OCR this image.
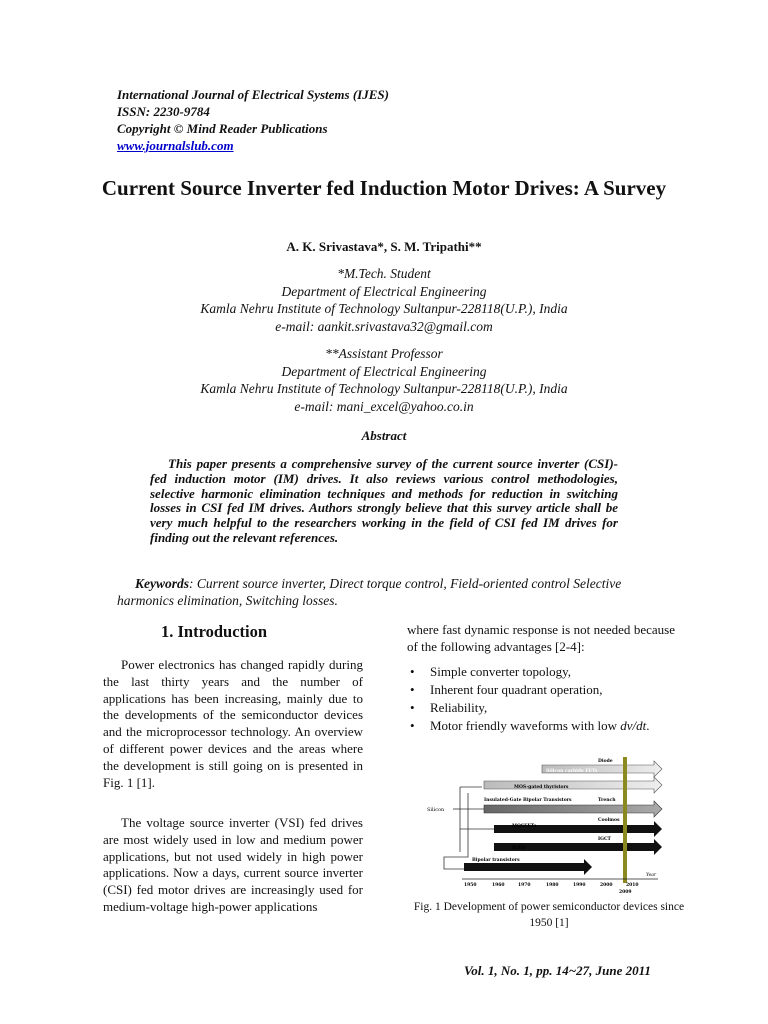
International Journal of Electrical Systems (IJES)
ISSN: 2230-9784
Copyright © Mind Reader Publications
www.journalslub.com
Current Source Inverter fed Induction Motor Drives: A Survey
A. K. Srivastava*, S. M. Tripathi**
*M.Tech. Student
Department of Electrical Engineering
Kamla Nehru Institute of Technology Sultanpur-228118(U.P.), India
e-mail: aankit.srivastava32@gmail.com
**Assistant Professor
Department of Electrical Engineering
Kamla Nehru Institute of Technology Sultanpur-228118(U.P.), India
e-mail: mani_excel@yahoo.co.in
Abstract
This paper presents a comprehensive survey of the current source inverter (CSI)-fed induction motor (IM) drives. It also reviews various control methodologies, selective harmonic elimination techniques and methods for reduction in switching losses in CSI fed IM drives. Authors strongly believe that this survey article shall be very much helpful to the researchers working in the field of CSI fed IM drives for finding out the relevant references.
Keywords: Current source inverter, Direct torque control, Field-oriented control Selective harmonics elimination, Switching losses.
1. Introduction
Power electronics has changed rapidly during the last thirty years and the number of applications has been increasing, mainly due to the developments of the semiconductor devices and the microprocessor technology. An overview of different power devices and the areas where the development is still going on is presented in Fig. 1 [1].
The voltage source inverter (VSI) fed drives are most widely used in low and medium power applications, but not used widely in high power applications. Now a days, current source inverter (CSI) fed motor drives are increasingly used for medium-voltage high-power applications
where fast dynamic response is not needed because of the following advantages [2-4]:
• Simple converter topology,
• Inherent four quadrant operation,
• Reliability,
• Motor friendly waveforms with low dv/dt.
Silicon
Silicon carbide FETs
MOS-gated thyristors
Insulated-Gate Bipolar Transistors
MOSFETs
IGTO
Bipolar transistors
Diode
Trench
Coolmos
IGCT
1950	1960	1970	1980	1990	2000	2010
2009
Year
Fig. 1 Development of power semiconductor devices since 1950 [1]
Vol. 1, No. 1, pp. 14~27, June 2011
